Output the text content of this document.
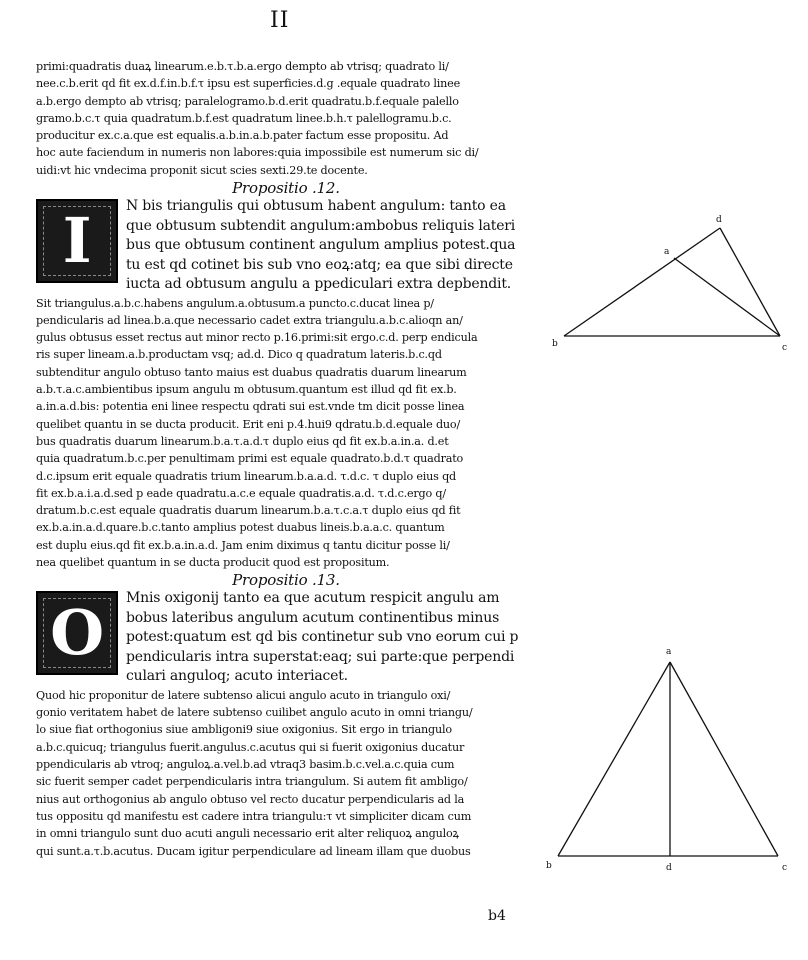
II
primi:quadratis duaꝝ linearum.e.b.τ.b.a.ergo dempto ab vtrisq; quadrato li/
nee.c.b.erit qd fit ex.d.f.in.b.f.τ ipsu est superficies.d.g .equale quadrato linee
a.b.ergo dempto ab vtrisq; paralelogramo.b.d.erit quadratu.b.f.equale palello
gramo.b.c.τ quia quadratum.b.f.est quadratum linee.b.h.τ palellogramu.b.c.
producitur ex.c.a.que est equalis.a.b.in.a.b.pater factum esse propositu. Ad
hoc aute faciendum in numeris non labores:quia impossibile est numerum sic di/
uidi:vt hic vndecima proponit sicut scies sexti.29.te docente.
Propositio .12.
I	N bis triangulis qui obtusum habent angulum: tanto ea
que obtusum subtendit angulum:ambobus reliquis lateri
bus que obtusum continent angulum amplius potest.qua
tu est qd cotinet bis sub vno eoꝝ:atq; ea que sibi directe
iucta ad obtusum angulu a ppediculari extra depbendit.
Sit triangulus.a.b.c.habens angulum.a.obtusum.a puncto.c.ducat linea p/
pendicularis ad linea.b.a.que necessario cadet extra triangulu.a.b.c.alioqn an/
gulus obtusus esset rectus aut minor recto p.16.primi:sit ergo.c.d. perp endicula
ris super lineam.a.b.productam vsq; ad.d. Dico q quadratum lateris.b.c.qd
subtenditur angulo obtuso tanto maius est duabus quadratis duarum linearum
a.b.τ.a.c.ambientibus ipsum angulu m obtusum.quantum est illud qd fit ex.b.
a.in.a.d.bis: potentia eni linee respectu qdrati sui est.vnde tm dicit posse linea
quelibet quantu in se ducta producit. Erit eni p.4.hui9 qdratu.b.d.equale duo/
bus quadratis duarum linearum.b.a.τ.a.d.τ duplo eius qd fit ex.b.a.in.a. d.et
quia quadratum.b.c.per penultimam primi est equale quadrato.b.d.τ quadrato
d.c.ipsum erit equale quadratis trium linearum.b.a.a.d. τ.d.c. τ duplo eius qd
fit ex.b.a.i.a.d.sed p eade quadratu.a.c.e equale quadratis.a.d. τ.d.c.ergo q/
dratum.b.c.est equale quadratis duarum linearum.b.a.τ.c.a.τ duplo eius qd fit
ex.b.a.in.a.d.quare.b.c.tanto amplius potest duabus lineis.b.a.a.c. quantum
est duplu eius.qd fit ex.b.a.in.a.d. Jam enim diximus q tantu dicitur posse li/
nea quelibet quantum in se ducta producit quod est propositum.
Propositio .13.
O	Mnis oxigonij tanto ea que acutum respicit angulu am
bobus lateribus angulum acutum continentibus minus
potest:quatum est qd bis continetur sub vno eorum cui p
pendicularis intra superstat:eaq; sui parte:que perpendi
culari anguloq; acuto interiacet.
Quod hic proponitur de latere subtenso alicui angulo acuto in triangulo oxi/
gonio veritatem habet de latere subtenso cuilibet angulo acuto in omni triangu/
lo siue fiat orthogonius siue ambligoni9 siue oxigonius. Sit ergo in triangulo
a.b.c.quicuq; triangulus fuerit.angulus.c.acutus qui si fuerit oxigonius ducatur
ppendicularis ab vtroq; anguloꝝ.a.vel.b.ad vtraq3 basim.b.c.vel.a.c.quia cum
sic fuerit semper cadet perpendicularis intra triangulum. Si autem fit ambligo/
nius aut orthogonius ab angulo obtuso vel recto ducatur perpendicularis ad la
tus oppositu qd manifestu est cadere intra triangulu:τ vt simpliciter dicam cum
in omni triangulo sunt duo acuti anguli necessario erit alter reliquoꝝ anguloꝝ
qui sunt.a.τ.b.acutus. Ducam igitur perpendiculare ad lineam illam que duobus
b4
a
b	c
d
a
b	c
d
